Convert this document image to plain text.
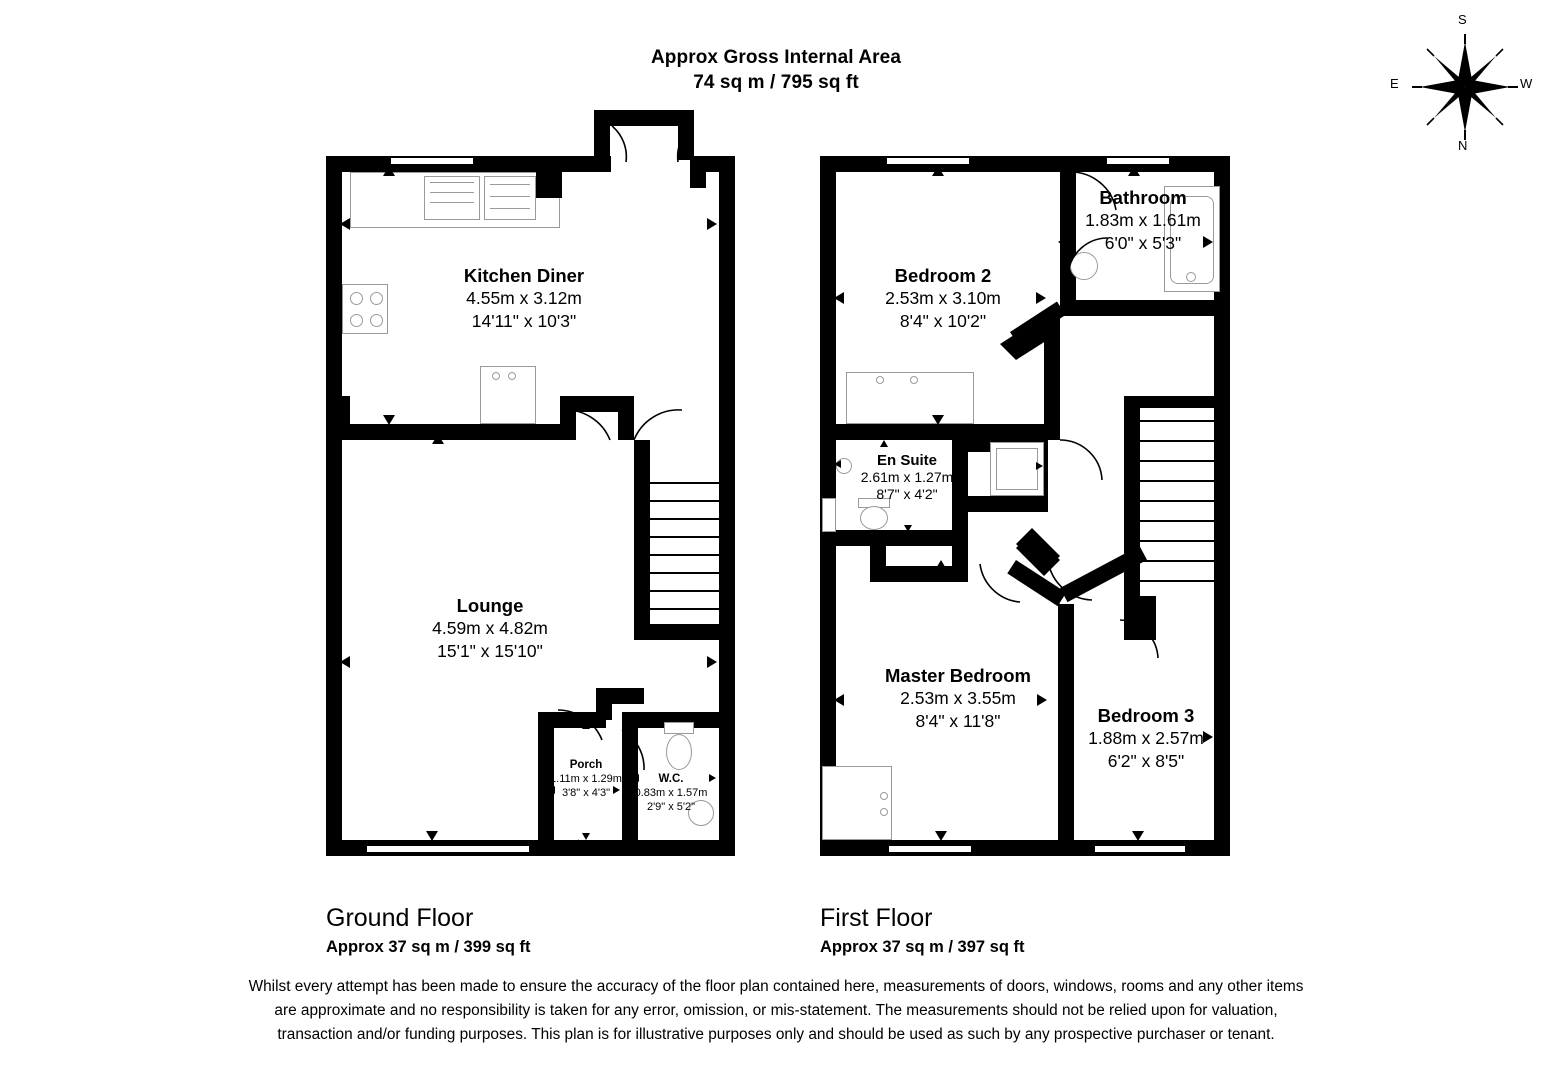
Approx Gross Internal Area
74 sq m / 795 sq ft
S
N
E	W
Kitchen Diner
4.55m x 3.12m
14'11" x 10'3"
Lounge
4.59m x 4.82m
15'1" x 15'10"
Porch
1.11m x 1.29m
3'8" x 4'3"
W.C.
0.83m x 1.57m
2'9" x 5'2"
Ground Floor
Approx 37 sq m / 399 sq ft
Bathroom
1.83m x 1.61m
6'0" x 5'3"
Bedroom 2
2.53m x 3.10m
8'4" x 10'2"
En Suite
2.61m x 1.27m
8'7" x 4'2"
Master Bedroom
2.53m x 3.55m
8'4" x 11'8"	Bedroom 3
1.88m x 2.57m
6'2" x 8'5"
First Floor
Approx 37 sq m / 397 sq ft
Whilst every attempt has been made to ensure the accuracy of the floor plan contained here, measurements of doors, windows, rooms and any other items are approximate and no responsibility is taken for any error, omission, or mis-statement. The measurements should not be relied upon for valuation, transaction and/or funding purposes. This plan is for illustrative purposes only and should be used as such by any prospective purchaser or tenant.
